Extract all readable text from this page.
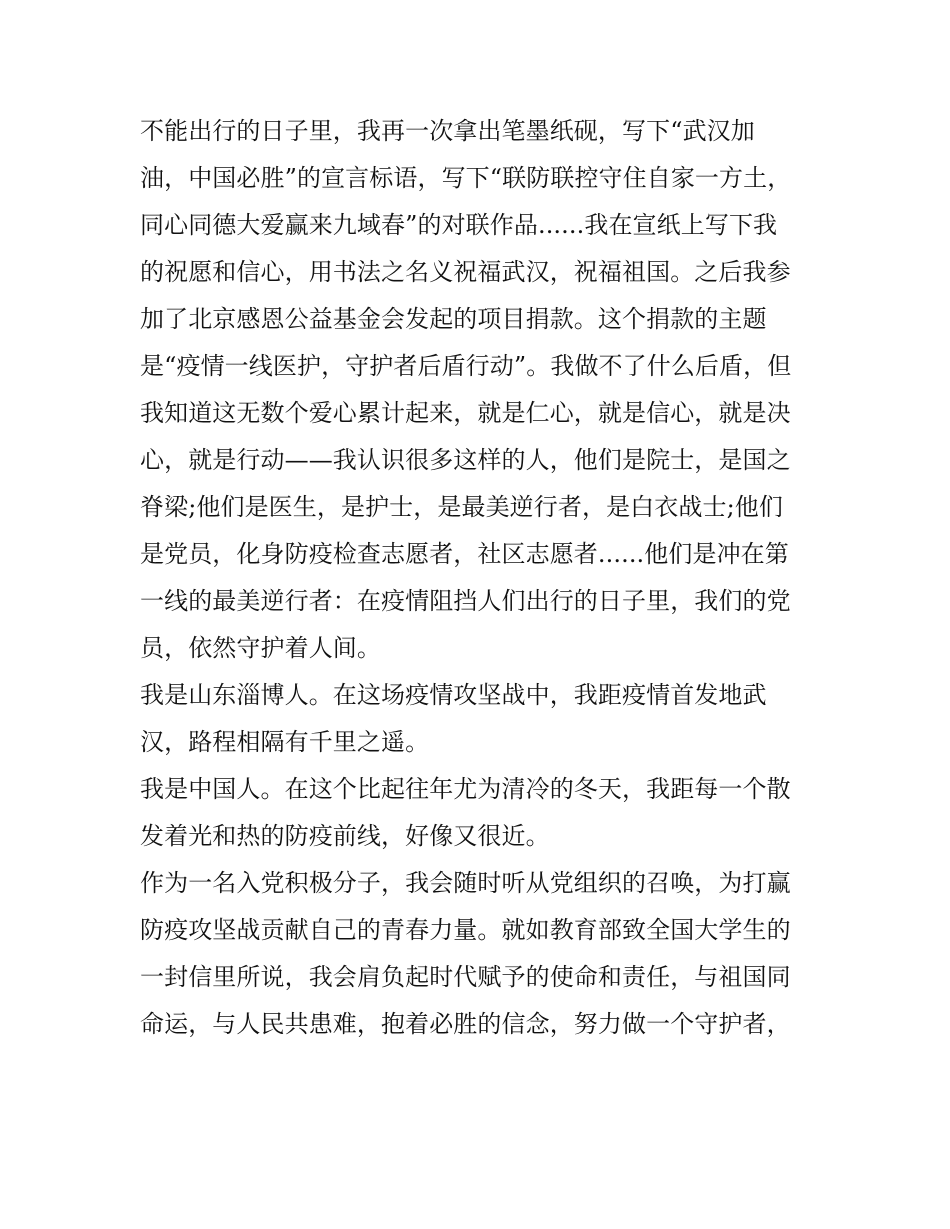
不能出行的日子里，我再一次拿出笔墨纸砚，写下“武汉加
油，中国必胜”的宣言标语，写下“联防联控守住自家一方土，
同心同德大爱赢来九域春”的对联作品......我在宣纸上写下我
的祝愿和信心，用书法之名义祝福武汉，祝福祖国。之后我参
加了北京感恩公益基金会发起的项目捐款。这个捐款的主题
是“疫情一线医护，守护者后盾行动”。我做不了什么后盾，但
我知道这无数个爱心累计起来，就是仁心，就是信心，就是决
心，就是行动——我认识很多这样的人，他们是院士，是国之
脊梁;他们是医生，是护士，是最美逆行者，是白衣战士;他们
是党员，化身防疫检查志愿者，社区志愿者......他们是冲在第
一线的最美逆行者：在疫情阻挡人们出行的日子里，我们的党
员，依然守护着人间。
我是山东淄博人。在这场疫情攻坚战中，我距疫情首发地武
汉，路程相隔有千里之遥。
我是中国人。在这个比起往年尤为清冷的冬天，我距每一个散
发着光和热的防疫前线，好像又很近。
作为一名入党积极分子，我会随时听从党组织的召唤，为打赢
防疫攻坚战贡献自己的青春力量。就如教育部致全国大学生的
一封信里所说，我会肩负起时代赋予的使命和责任，与祖国同
命运，与人民共患难，抱着必胜的信念，努力做一个守护者，
